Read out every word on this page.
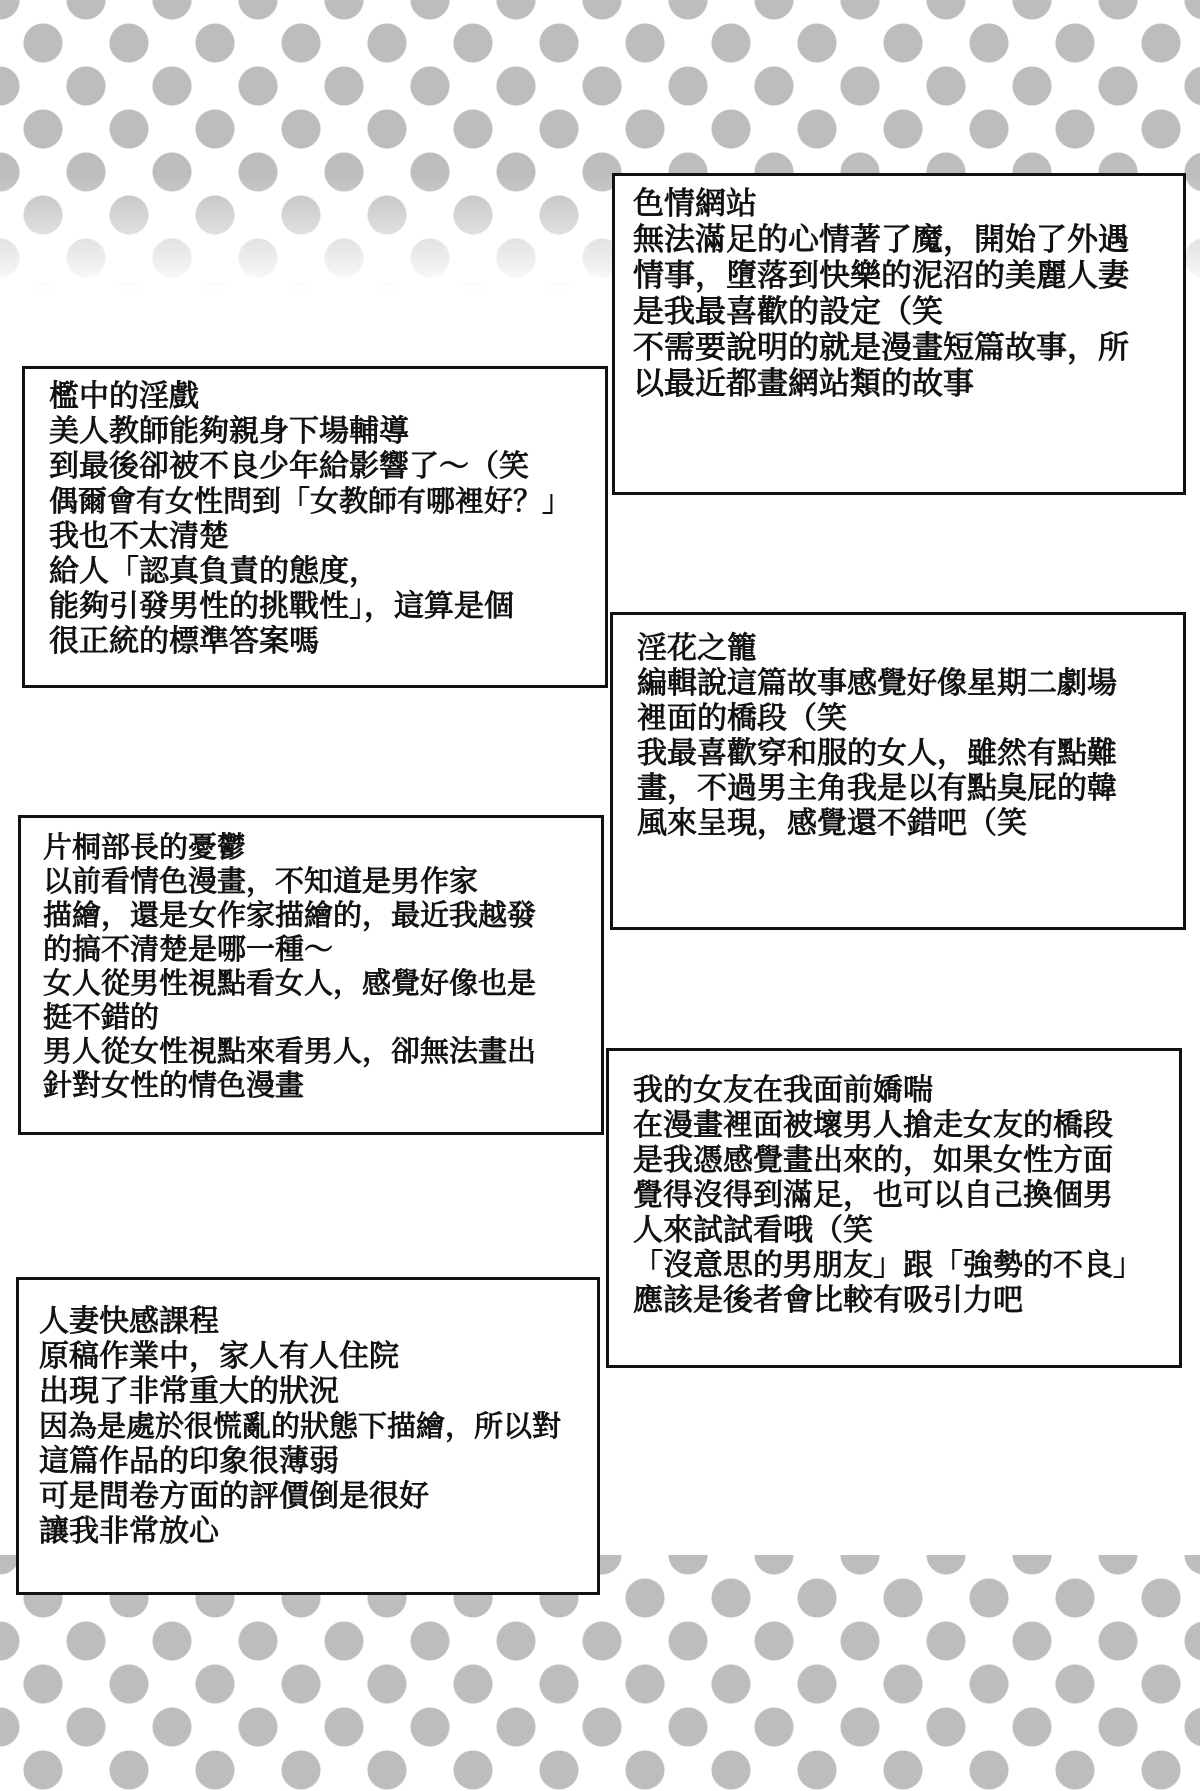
色情網站
無法滿足的心情著了魔，開始了外遇
情事，墮落到快樂的泥沼的美麗人妻
是我最喜歡的設定（笑
不需要說明的就是漫畫短篇故事，所
以最近都畫網站類的故事
檻中的淫戲
美人教師能夠親身下場輔導
到最後卻被不良少年給影響了～（笑
偶爾會有女性問到「女教師有哪裡好？」
我也不太清楚
給人「認真負責的態度，
能夠引發男性的挑戰性」，這算是個
很正統的標準答案嗎	淫花之籠
編輯說這篇故事感覺好像星期二劇場
裡面的橋段（笑
我最喜歡穿和服的女人，雖然有點難
畫，不過男主角我是以有點臭屁的韓
風來呈現，感覺還不錯吧（笑
片桐部長的憂鬱
以前看情色漫畫，不知道是男作家
描繪，還是女作家描繪的，最近我越發
的搞不清楚是哪一種～
女人從男性視點看女人，感覺好像也是
挺不錯的
男人從女性視點來看男人，卻無法畫出
針對女性的情色漫畫	我的女友在我面前嬌喘
在漫畫裡面被壞男人搶走女友的橋段
是我憑感覺畫出來的，如果女性方面
覺得沒得到滿足，也可以自己換個男
人來試試看哦（笑
「沒意思的男朋友」跟「強勢的不良」
應該是後者會比較有吸引力吧
人妻快感課程
原稿作業中，家人有人住院
出現了非常重大的狀況
因為是處於很慌亂的狀態下描繪，所以對
這篇作品的印象很薄弱
可是問卷方面的評價倒是很好
讓我非常放心
